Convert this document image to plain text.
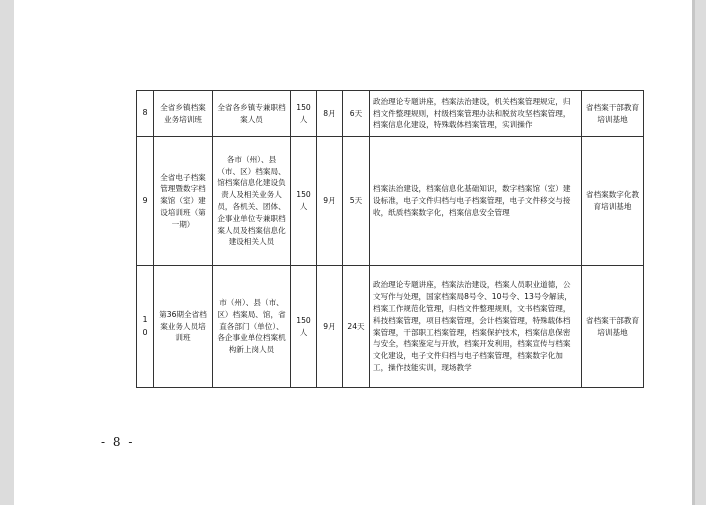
8	全省乡镇档案业务培训班	全省各乡镇专兼职档案人员	150人	8月	6天	政治理论专题讲座，档案法治建设，机关档案管理规定，归档文件整理规则，村级档案管理办法和脱贫攻坚档案管理，档案信息化建设，特殊载体档案管理，实训操作	省档案干部教育培训基地
9	全省电子档案管理暨数字档案馆（室）建设培训班（第一期）	各市（州）、县（市、区）档案局、馆档案信息化建设负责人及相关业务人员，各机关、团体、企事业单位专兼职档案人员及档案信息化建设相关人员	150人	9月	5天	档案法治建设，档案信息化基础知识，数字档案馆（室）建设标准，电子文件归档与电子档案管理，电子文件移交与接收，纸质档案数字化，档案信息安全管理	省档案数字化教育培训基地
10	第36期全省档案业务人员培训班	市（州）、县（市、区）档案局、馆，省直各部门（单位）、各企事业单位档案机构新上岗人员	150人	9月	24天	政治理论专题讲座，档案法治建设，档案人员职业道德，公文写作与处理，国家档案局8号令、10号令、13号令解读，档案工作规范化管理，归档文件整理规则，文书档案管理，科技档案管理，项目档案管理，会计档案管理，特殊载体档案管理，干部职工档案管理，档案保护技术，档案信息保密与安全，档案鉴定与开放，档案开发利用，档案宣传与档案文化建设，电子文件归档与电子档案管理，档案数字化加工，操作技能实训，现场教学	省档案干部教育培训基地
- 8 -
